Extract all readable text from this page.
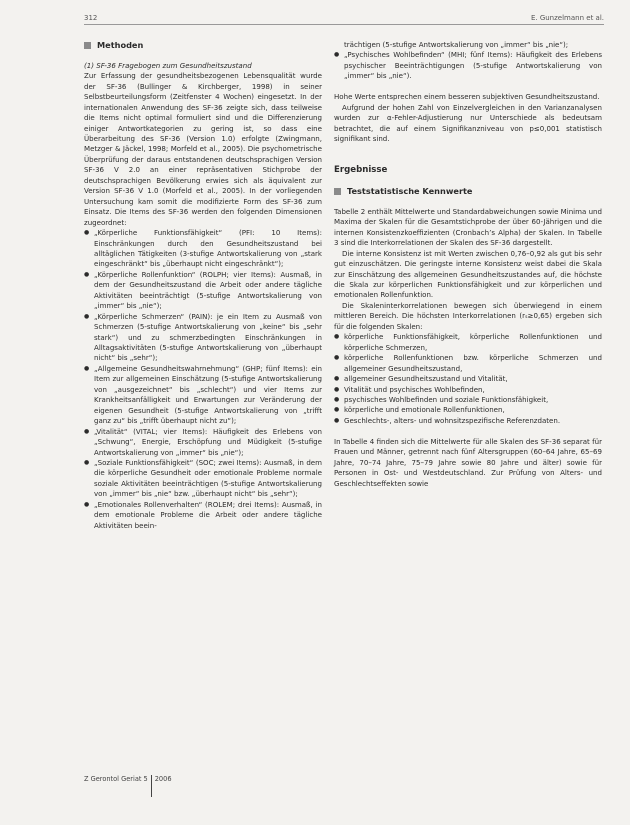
312	E. Gunzelmann et al.
Methoden

(1) SF-36 Fragebogen zum Gesundheitszustand

Zur Erfassung der gesundheitsbezogenen Lebensqualität wurde der SF-36 (Bullinger & Kirchberger, 1998) in seiner Selbstbeurteilungsform (Zeitfenster 4 Wochen) eingesetzt. In der internationalen Anwendung des SF-36 zeigte sich, dass teilweise die Items nicht optimal formuliert sind und die Differenzierung einiger Antwortkategorien zu gering ist, so dass eine Überarbeitung des SF-36 (Version 1.0) erfolgte (Zwingmann, Metzger & Jäckel, 1998; Morfeld et al., 2005). Die psychometrische Überprüfung der daraus entstandenen deutschsprachigen Version SF-36 V 2.0 an einer repräsentativen Stichprobe der deutschsprachigen Bevölkerung erwies sich als äquivalent zur Version SF-36 V 1.0 (Morfeld et al., 2005). In der vorliegenden Untersuchung kam somit die modifizierte Form des SF-36 zum Einsatz. Die Items des SF-36 werden den folgenden Dimensionen zugeordnet:

● „Körperliche Funktionsfähigkeit“ (PFI: 10 Items): Einschränkungen durch den Gesundheitszustand bei alltäglichen Tätigkeiten (3-stufige Antwortskalierung von „stark eingeschränkt“ bis „überhaupt nicht eingeschränkt“);
● „Körperliche Rollenfunktion“ (ROLPH; vier Items): Ausmaß, in dem der Gesundheitszustand die Arbeit oder andere tägliche Aktivitäten beeinträchtigt (5-stufige Antwortskalierung von „immer“ bis „nie“);
● „Körperliche Schmerzen“ (PAIN): je ein Item zu Ausmaß von Schmerzen (5-stufige Antwortskalierung von „keine“ bis „sehr stark“) und zu schmerzbedingten Einschränkungen in Alltagsaktivitäten (5-stufige Antwortskalierung von „überhaupt nicht“ bis „sehr“);
● „Allgemeine Gesundheitswahrnehmung“ (GHP; fünf Items): ein Item zur allgemeinen Einschätzung (5-stufige Antwortskalierung von „ausgezeichnet“ bis „schlecht“) und vier Items zur Krankheitsanfälligkeit und Erwartungen zur Veränderung der eigenen Gesundheit (5-stufige Antwortskalierung von „trifft ganz zu“ bis „trifft überhaupt nicht zu“);
● „Vitalität“ (VITAL; vier Items): Häufigkeit des Erlebens von „Schwung“, Energie, Erschöpfung und Müdigkeit (5-stufige Antwortskalierung von „immer“ bis „nie“);
● „Soziale Funktionsfähigkeit“ (SOC; zwei Items): Ausmaß, in dem die körperliche Gesundheit oder emotionale Probleme normale soziale Aktivitäten beeinträchtigen (5-stufige Antwortskalierung von „immer“ bis „nie“ bzw. „überhaupt nicht“ bis „sehr“);
● „Emotionales Rollenverhalten“ (ROLEM; drei Items): Ausmaß, in dem emotionale Probleme die Arbeit oder andere tägliche Aktivitäten beein-

trächtigen (5-stufige Antwortskalierung von „immer“ bis „nie“);

● „Psychisches Wohlbefinden“ (MHI; fünf Items): Häufigkeit des Erlebens psychischer Beeinträchtigungen (5-stufige Antwortskalierung von „immer“ bis „nie“).

Hohe Werte entsprechen einem besseren subjektiven Gesundheitszustand.

Aufgrund der hohen Zahl von Einzelvergleichen in den Varianzanalysen wurden zur α-Fehler-Adjustierung nur Unterschiede als bedeutsam betrachtet, die auf einem Signifikanzniveau von p≤0,001 statistisch signifikant sind.

Ergebnisse
Teststatistische Kennwerte

Tabelle 2 enthält Mittelwerte und Standardabweichungen sowie Minima und Maxima der Skalen für die Gesamtstichprobe der über 60-Jährigen und die internen Konsistenzkoeffizienten (Cronbach’s Alpha) der Skalen. In Tabelle 3 sind die Interkorrelationen der Skalen des SF-36 dargestellt.

Die interne Konsistenz ist mit Werten zwischen 0,76–0,92 als gut bis sehr gut einzuschätzen. Die geringste interne Konsistenz weist dabei die Skala zur Einschätzung des allgemeinen Gesundheitszustandes auf, die höchste die Skala zur körperlichen Funktionsfähigkeit und zur körperlichen und emotionalen Rollenfunktion.

Die Skaleninterkorrelationen bewegen sich überwiegend in einem mittleren Bereich. Die höchsten Interkorrelationen (rₛ≥0,65) ergeben sich für die folgenden Skalen:

● körperliche Funktionsfähigkeit, körperliche Rollenfunktionen und körperliche Schmerzen,
● körperliche Rollenfunktionen bzw. körperliche Schmerzen und allgemeiner Gesundheitszustand,
● allgemeiner Gesundheitszustand und Vitalität,
● Vitalität und psychisches Wohlbefinden,
● psychisches Wohlbefinden und soziale Funktionsfähigkeit,
● körperliche und emotionale Rollenfunktionen,
● Geschlechts-, alters- und wohnsitzspezifische Referenzdaten.

In Tabelle 4 finden sich die Mittelwerte für alle Skalen des SF-36 separat für Frauen und Männer, getrennt nach fünf Altersgruppen (60–64 Jahre, 65–69 Jahre, 70–74 Jahre, 75–79 Jahre sowie 80 Jahre und älter) sowie für Personen in Ost- und Westdeutschland. Zur Prüfung von Alters- und Geschlechtseffekten sowie

Z Gerontol Geriat 5 2006
